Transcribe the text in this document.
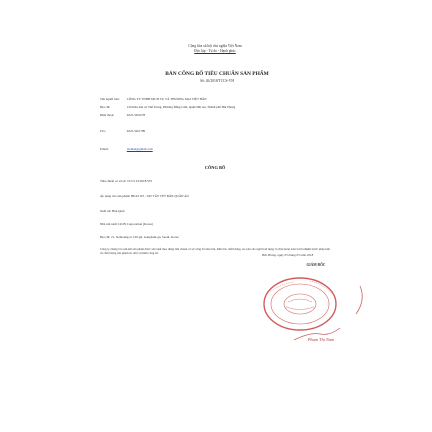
Cộng hòa xã hội chủ nghĩa Việt Nam
Độc lập - Tự do - Hạnh phúc
BẢN CÔNG BỐ TIÊU CHUẨN SẢN PHẨM
Số: 26/2018/TCCS-VH
Tên người bán: CÔNG TY TNHH DỊCH VỤ VÀ THƯƠNG MẠI VIỆT HÂN
Địa chỉ:	129 Khu dân cư Thế Trung, Phường Đằng Lâm, Quận Hải An, Thành phố Hải Phòng
Điện thoại:	0225.3261678
Fax:	0225.3261789
Email:	viethan@gmail.com
CÔNG BỐ
Tiêu chuẩn cơ sở số: TCCS 23:2018/VH
Áp dụng cho sản phẩm: BEAT OT - XỊT TẨY VẾT BẨN QUẦN ÁO
Xuất xứ: Hàn Quốc
Nhà sản xuất: LION Corporation (Korea)
Địa chỉ: 21, Seolleung-ro 100-gil, Gangnam-gu, Seoul, Korea
Công ty chúng tôi cam kết sản phẩm được sản xuất theo đúng tiêu chuẩn cơ sở công bố nêu trên, đảm bảo chất lượng, an toàn cho người sử dụng và chịu hoàn toàn trách nhiệm trước pháp luật về chất lượng sản phẩm do đơn vị mình công bố.
Hải Phòng, ngày 05 tháng 05 năm 2018
GIÁM ĐỐC
Phạm Thị Nam
